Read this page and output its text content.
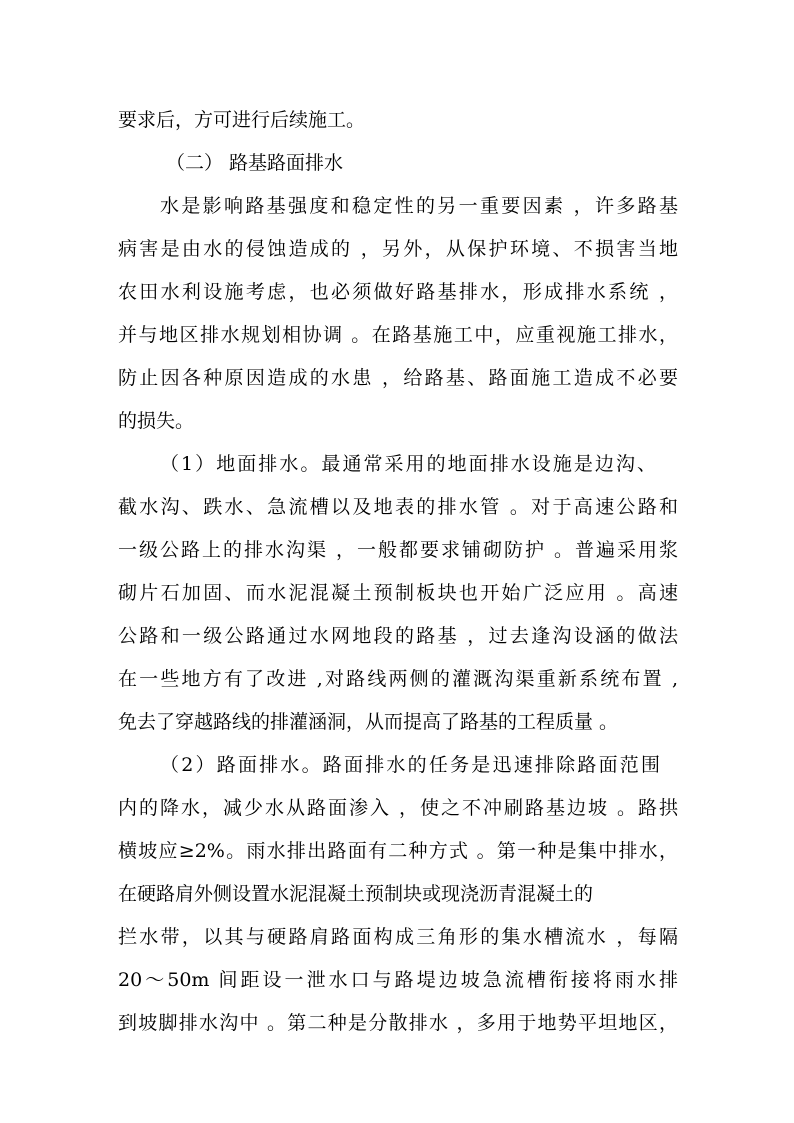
要求后，方可进行后续施工。
（二） 路基路面排水
水是影响路基强度和稳定性的另一重要因素 ，许多路基
病害是由水的侵蚀造成的 ，另外，从保护环境、不损害当地
农田水利设施考虑，也必须做好路基排水，形成排水系统 ，
并与地区排水规划相协调 。在路基施工中，应重视施工排水，
防止因各种原因造成的水患 ，给路基、路面施工造成不必要
的损失。
（1）地面排水。最通常采用的地面排水设施是边沟、
截水沟、跌水、急流槽以及地表的排水管 。对于高速公路和
一级公路上的排水沟渠 ，一般都要求铺砌防护 。普遍采用浆
砌片石加固、而水泥混凝土预制板块也开始广泛应用 。高速
公路和一级公路通过水网地段的路基 ，过去逢沟设涵的做法
在一些地方有了改进 ,对路线两侧的灌溉沟渠重新系统布置 ,
免去了穿越路线的排灌涵洞，从而提高了路基的工程质量 。
（2）路面排水。路面排水的任务是迅速排除路面范围
内的降水，减少水从路面渗入 ，使之不冲刷路基边坡 。路拱
横坡应≥2%。雨水排出路面有二种方式 。第一种是集中排水，
在硬路肩外侧设置水泥混凝土预制块或现浇沥青混凝土的
拦水带，以其与硬路肩路面构成三角形的集水槽流水 ，每隔
20～50m 间距设一泄水口与路堤边坡急流槽衔接将雨水排
到坡脚排水沟中 。第二种是分散排水 ，多用于地势平坦地区，
